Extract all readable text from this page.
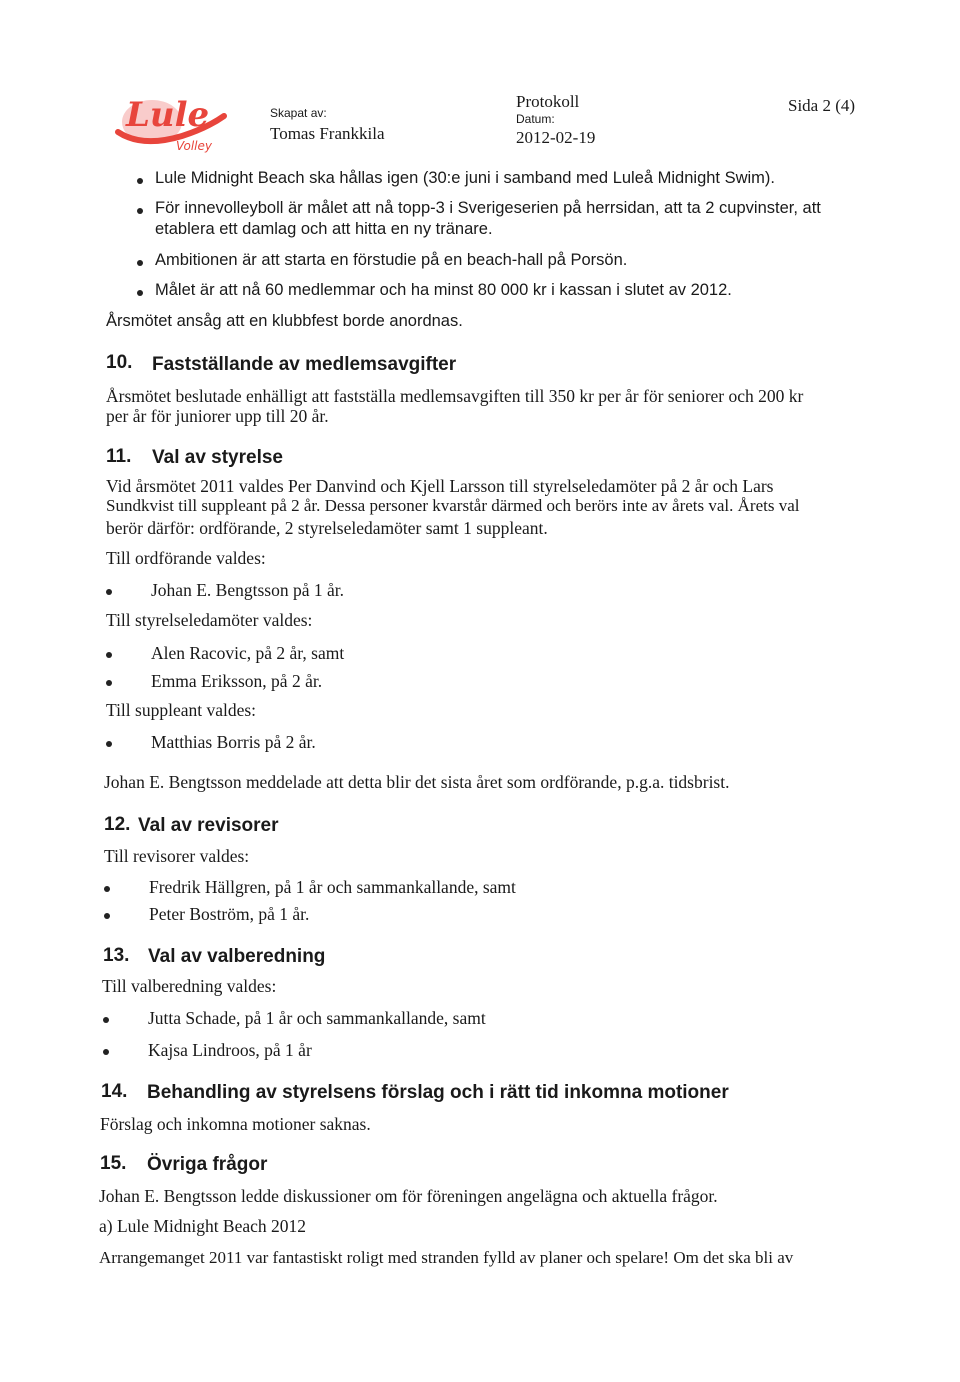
Lule
Volley
Skapat av:
Tomas Frankkila
Protokoll
Datum:
2012-02-19
Sida 2 (4)
Lule Midnight Beach ska hållas igen (30:e juni i samband med Luleå Midnight Swim).
För innevolleyboll är målet att nå topp-3 i Sverigeserien på herrsidan, att ta 2 cupvinster, att
etablera ett damlag och att hitta en ny tränare.
Ambitionen är att starta en förstudie på en beach-hall på Porsön.
Målet är att nå 60 medlemmar och ha minst 80 000 kr i kassan i slutet av 2012.
Årsmötet ansåg att en klubbfest borde anordnas.
10. Fastställande av medlemsavgifter
Årsmötet beslutade enhälligt att fastställa medlemsavgiften till 350 kr per år för seniorer och 200 kr
per år för juniorer upp till 20 år.
11. Val av styrelse
Vid årsmötet 2011 valdes Per Danvind och Kjell Larsson till styrelseledamöter på 2 år och Lars
Sundkvist till suppleant på 2 år. Dessa personer kvarstår därmed och berörs inte av årets val. Årets val
berör därför: ordförande, 2 styrelseledamöter samt 1 suppleant.
Till ordförande valdes:
Johan E. Bengtsson på 1 år.
Till styrelseledamöter valdes:
Alen Racovic, på 2 år, samt
Emma Eriksson, på 2 år.
Till suppleant valdes:
Matthias Borris på 2 år.
Johan E. Bengtsson meddelade att detta blir det sista året som ordförande, p.g.a. tidsbrist.
12. Val av revisorer
Till revisorer valdes:
Fredrik Hällgren, på 1 år och sammankallande, samt
Peter Boström, på 1 år.
13. Val av valberedning
Till valberedning valdes:
Jutta Schade, på 1 år och sammankallande, samt
Kajsa Lindroos, på 1 år
14. Behandling av styrelsens förslag och i rätt tid inkomna motioner
Förslag och inkomna motioner saknas.
15. Övriga frågor
Johan E. Bengtsson ledde diskussioner om för föreningen angelägna och aktuella frågor.
a) Lule Midnight Beach 2012
Arrangemanget 2011 var fantastiskt roligt med stranden fylld av planer och spelare! Om det ska bli av
